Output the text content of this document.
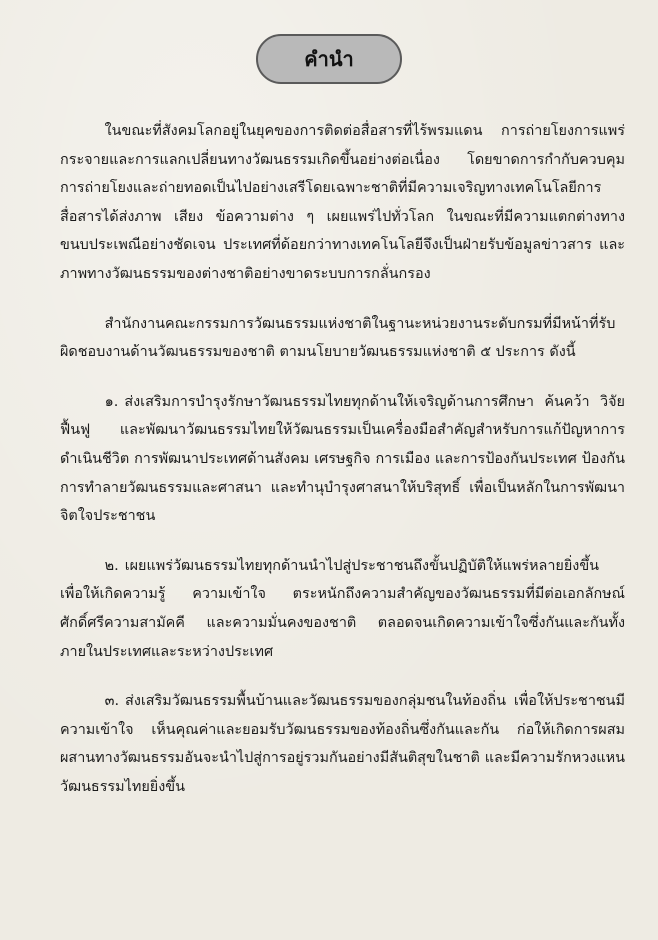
คำนำ

ในขณะที่สังคมโลกอยู่ในยุคของการติดต่อสื่อสารที่ไร้พรมแดน การถ่ายโยงการแพร่กระจายและการแลกเปลี่ยนทางวัฒนธรรมเกิดขึ้นอย่างต่อเนื่อง โดยขาดการกำกับควบคุม การถ่ายโยงและถ่ายทอดเป็นไปอย่างเสรีโดยเฉพาะชาติที่มีความเจริญทางเทคโนโลยีการสื่อสารได้ส่งภาพ เสียง ข้อความต่าง ๆ เผยแพร่ไปทั่วโลก ในขณะที่มีความแตกต่างทางขนบประเพณีอย่างชัดเจน ประเทศที่ด้อยกว่าทางเทคโนโลยีจึงเป็นฝ่ายรับข้อมูลข่าวสาร และภาพทางวัฒนธรรมของต่างชาติอย่างขาดระบบการกลั่นกรอง

สำนักงานคณะกรรมการวัฒนธรรมแห่งชาติในฐานะหน่วยงานระดับกรมที่มีหน้าที่รับผิดชอบงานด้านวัฒนธรรมของชาติ ตามนโยบายวัฒนธรรมแห่งชาติ ๕ ประการ ดังนี้

๑. ส่งเสริมการบำรุงรักษาวัฒนธรรมไทยทุกด้านให้เจริญด้านการศึกษา ค้นคว้า วิจัย ฟื้นฟู และพัฒนาวัฒนธรรมไทยให้วัฒนธรรมเป็นเครื่องมือสำคัญสำหรับการแก้ปัญหาการดำเนินชีวิต การพัฒนาประเทศด้านสังคม เศรษฐกิจ การเมือง และการป้องกันประเทศ ป้องกันการทำลายวัฒนธรรมและศาสนา และทำนุบำรุงศาสนาให้บริสุทธิ์ เพื่อเป็นหลักในการพัฒนาจิตใจประชาชน

๒. เผยแพร่วัฒนธรรมไทยทุกด้านนำไปสู่ประชาชนถึงขั้นปฏิบัติให้แพร่หลายยิ่งขึ้น เพื่อให้เกิดความรู้ ความเข้าใจ ตระหนักถึงความสำคัญของวัฒนธรรมที่มีต่อเอกลักษณ์ ศักดิ์ศรีความสามัคคี และความมั่นคงของชาติ ตลอดจนเกิดความเข้าใจซึ่งกันและกันทั้งภายในประเทศและระหว่างประเทศ

๓. ส่งเสริมวัฒนธรรมพื้นบ้านและวัฒนธรรมของกลุ่มชนในท้องถิ่น เพื่อให้ประชาชนมีความเข้าใจ เห็นคุณค่าและยอมรับวัฒนธรรมของท้องถิ่นซึ่งกันและกัน ก่อให้เกิดการผสมผสานทางวัฒนธรรมอันจะนำไปสู่การอยู่รวมกันอย่างมีสันติสุขในชาติ และมีความรักหวงแหนวัฒนธรรมไทยยิ่งขึ้น
